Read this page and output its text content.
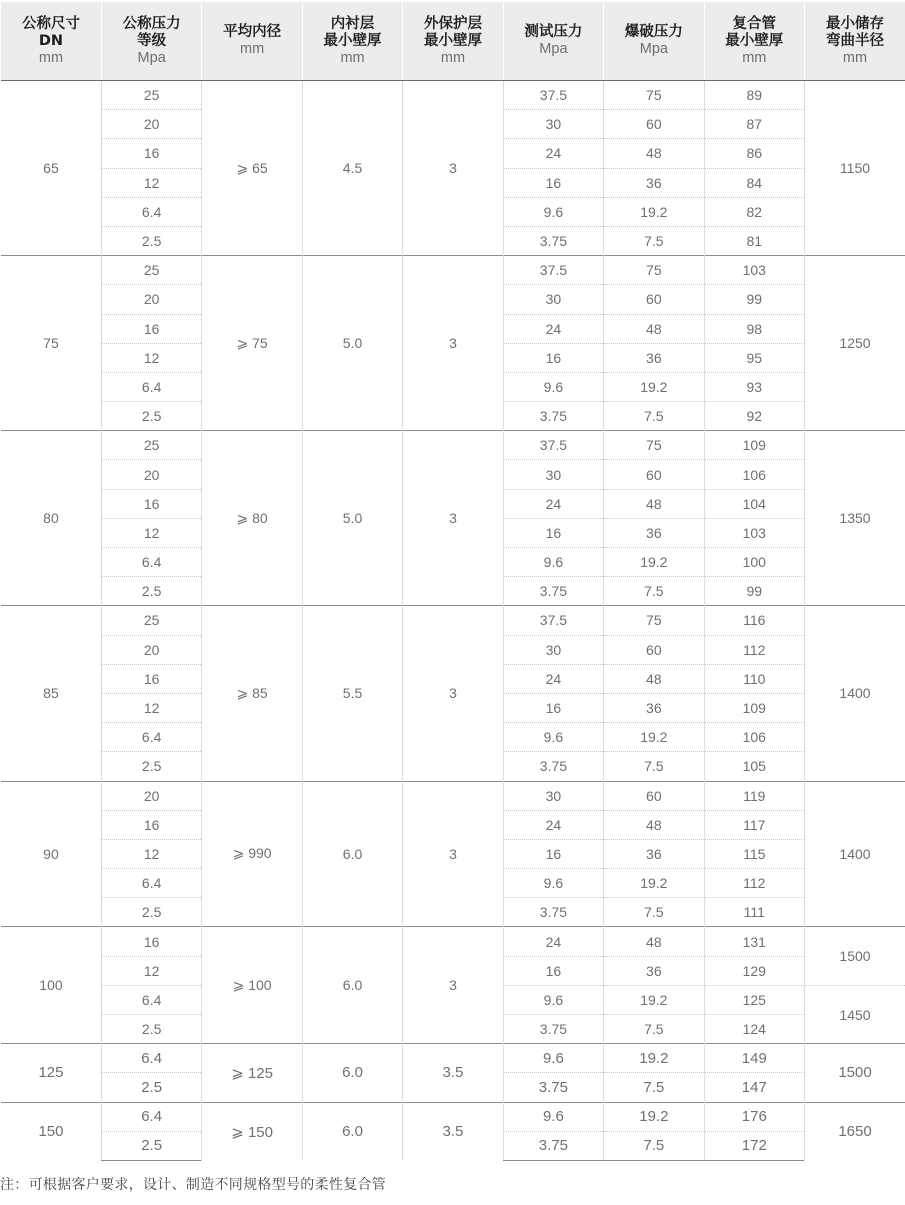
公称尺寸
DN
mm	公称压力
等级
Mpa	平均内径
mm	内衬层
最小壁厚
mm	外保护层
最小壁厚
mm	测试压力
Mpa	爆破压力
Mpa	复合管
最小壁厚
mm	最小储存
弯曲半径
mm

65	25	⩾ 65	4.5	3	37.5	75	89	1150
	20				30	60	87	
	16				24	48	86	
	12				16	36	84	
	6.4				9.6	19.2	82	
	2.5				3.75	7.5	81	
75	25	⩾ 75	5.0	3	37.5	75	103	1250
	20				30	60	99	
	16				24	48	98	
	12				16	36	95	
	6.4				9.6	19.2	93	
	2.5				3.75	7.5	92	
80	25	⩾ 80	5.0	3	37.5	75	109	1350
	20				30	60	106	
	16				24	48	104	
	12				16	36	103	
	6.4				9.6	19.2	100	
	2.5				3.75	7.5	99	
85	25	⩾ 85	5.5	3	37.5	75	116	1400
	20				30	60	112	
	16				24	48	110	
	12				16	36	109	
	6.4				9.6	19.2	106	
	2.5				3.75	7.5	105	
90	20	⩾ 990	6.0	3	30	60	119	1400
	16				24	48	117	
	12				16	36	115	
	6.4				9.6	19.2	112	
	2.5				3.75	7.5	111	
100	16	⩾ 100	6.0	3	24	48	131	1500
	12				16	36	129	
	6.4				9.6	19.2	125	1450
	2.5				3.75	7.5	124	
125	6.4	⩾ 125	6.0	3.5	9.6	19.2	149	1500
	2.5				3.75	7.5	147	
150	6.4	⩾ 150	6.0	3.5	9.6	19.2	176	1650
	2.5				3.75	7.5	172	
注：可根据客户要求，设计、制造不同规格型号的柔性复合管
